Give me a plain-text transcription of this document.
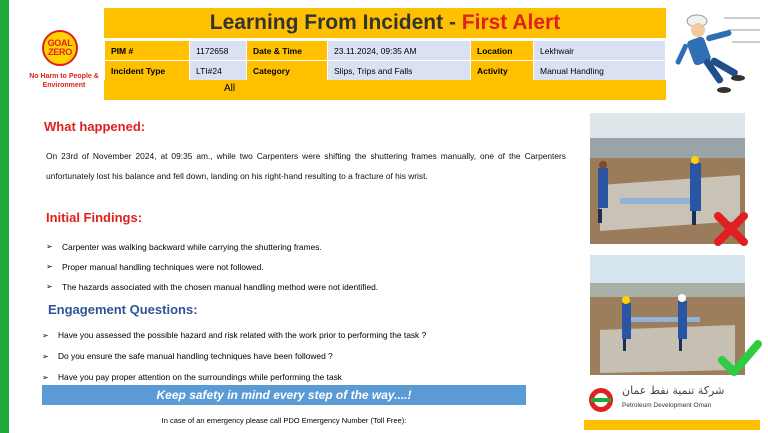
GOAL
ZERO
No Harm to People & Environment
Learning From Incident - First Alert
PIM #	1172658	Date & Time	23.11.2024, 09:35 AM	Location	Lekhwair
Incident Type	LTI#24	Category	Slips, Trips and Falls	Activity	Manual Handling
All
What happened:
On 23rd of November 2024, at 09:35 am., while two Carpenters were shifting the shuttering frames manually, one of the Carpenters unfortunately lost his balance and fell down, landing on his right-hand resulting to a fracture of his wrist.
Initial Findings:
➢ Carpenter was walking backward while carrying the shuttering frames.
➢ Proper manual handling techniques were not followed.
➢ The hazards associated with the chosen manual handling method were not identified.
Engagement Questions:
➢ Have you assessed the possible hazard and risk related with the work prior to performing the task ?
➢ Do you ensure the safe manual handling techniques have been followed ?
➢ Have you pay proper attention on the surroundings while performing the task
Keep safety in mind every step of the way....!
In case of an emergency please call PDO Emergency Number (Toll Free):
شركة تنمية نفط عمان
Petroleum Development Oman
